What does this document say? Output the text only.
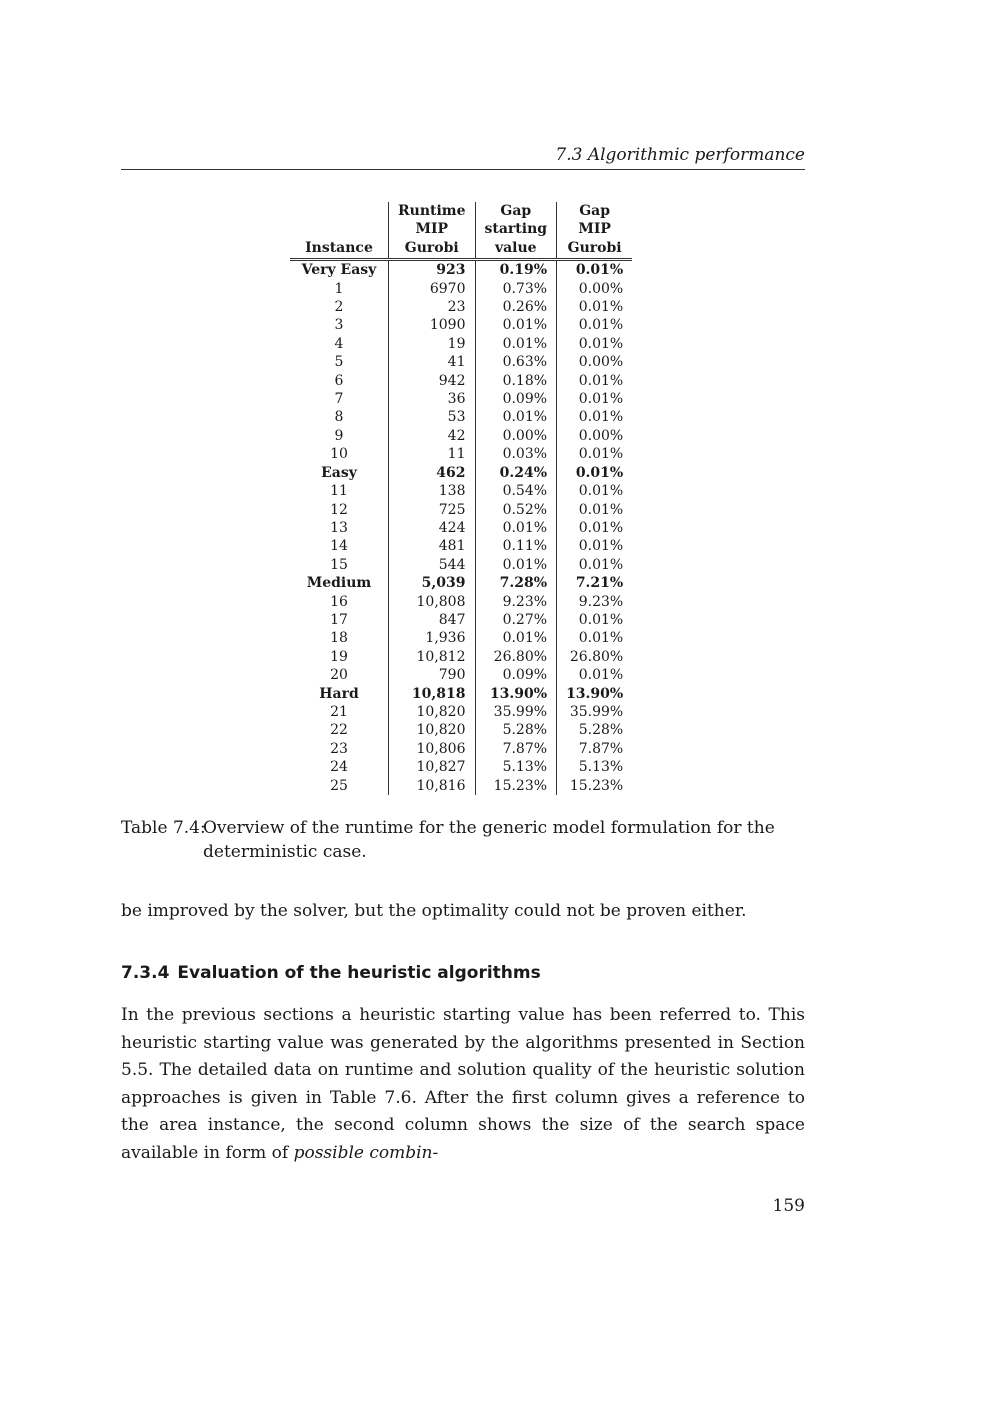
7.3 Algorithmic performance
	Runtime	Gap	Gap
	MIP	starting	MIP
Instance	Gurobi	value	Gurobi
Very Easy	923	0.19%	0.01%
1	6970	0.73%	0.00%
2	23	0.26%	0.01%
3	1090	0.01%	0.01%
4	19	0.01%	0.01%
5	41	0.63%	0.00%
6	942	0.18%	0.01%
7	36	0.09%	0.01%
8	53	0.01%	0.01%
9	42	0.00%	0.00%
10	11	0.03%	0.01%
Easy	462	0.24%	0.01%
11	138	0.54%	0.01%
12	725	0.52%	0.01%
13	424	0.01%	0.01%
14	481	0.11%	0.01%
15	544	0.01%	0.01%
Medium	5,039	7.28%	7.21%
16	10,808	9.23%	9.23%
17	847	0.27%	0.01%
18	1,936	0.01%	0.01%
19	10,812	26.80%	26.80%
20	790	0.09%	0.01%
Hard	10,818	13.90%	13.90%
21	10,820	35.99%	35.99%
22	10,820	5.28%	5.28%
23	10,806	7.87%	7.87%
24	10,827	5.13%	5.13%
25	10,816	15.23%	15.23%
Table 7.4:
Overview of the runtime for the generic model formulation for the deterministic case.

be improved by the solver, but the optimality could not be proven either.

7.3.4 Evaluation of the heuristic algorithms

In the previous sections a heuristic starting value has been referred to. This heuristic starting value was generated by the algorithms presented in Section 5.5. The detailed data on runtime and solution quality of the heuristic solution approaches is given in Table 7.6. After the first column gives a reference to the area instance, the second column shows the size of the search space available in form of possible combin-

159
